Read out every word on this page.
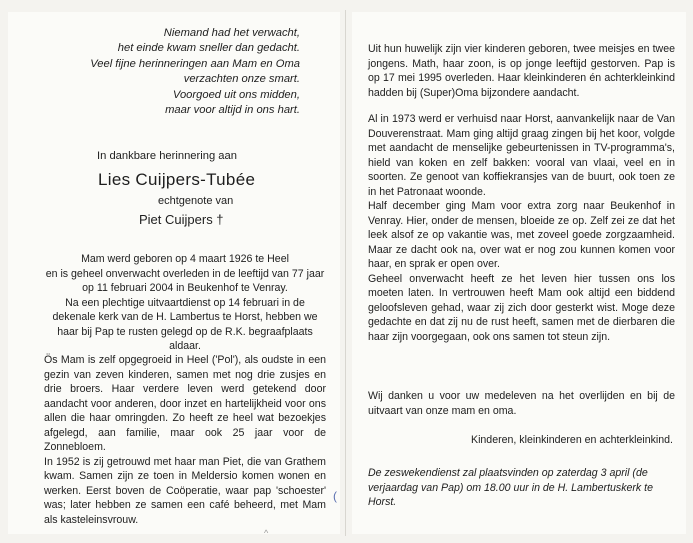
Niemand had het verwacht,
het einde kwam sneller dan gedacht.
Veel fijne herinneringen aan Mam en Oma
verzachten onze smart.
Voorgoed uit ons midden,
maar voor altijd in ons hart.
In dankbare herinnering aan
Lies Cuijpers-Tubée
echtgenote van
Piet Cuijpers †
Mam werd geboren op 4 maart 1926 te Heel
en is geheel onverwacht overleden in de leeftijd van 77 jaar
op 11 februari 2004 in Beukenhof te Venray.
Na een plechtige uitvaartdienst op 14 februari in de
dekenale kerk van de H. Lambertus te Horst, hebben we
haar bij Pap te rusten gelegd op de R.K. begraafplaats aldaar.
Ös Mam is zelf opgegroeid in Heel ('Pol'), als oudste in een gezin van zeven kinderen, samen met nog drie zusjes en drie broers. Haar verdere leven werd getekend door aandacht voor anderen, door inzet en hartelijkheid voor ons allen die haar omringden. Zo heeft ze heel wat bezoekjes afgelegd, aan familie, maar ook 25 jaar voor de Zonnebloem.
In 1952 is zij getrouwd met haar man Piet, die van Grathem kwam. Samen zijn ze toen in Meldersio komen wonen en werken. Eerst boven de Coöperatie, waar pap 'schoester' was; later hebben ze samen een café beheerd, met Mam als kasteleinsvrouw.
Uit hun huwelijk zijn vier kinderen geboren, twee meisjes en twee jongens. Math, haar zoon, is op jonge leeftijd gestorven. Pap is op 17 mei 1995 overleden. Haar kleinkinderen én achterkleinkind hadden bij (Super)Oma bijzondere aandacht.
Al in 1973 werd er verhuisd naar Horst, aanvankelijk naar de Van Douverenstraat. Mam ging altijd graag zingen bij het koor, volgde met aandacht de menselijke gebeurtenissen in TV-programma's, hield van koken en zelf bakken: vooral van vlaai, veel en in soorten. Ze genoot van koffiekransjes van de buurt, ook toen ze in het Patronaat woonde.
Half december ging Mam voor extra zorg naar Beukenhof in Venray. Hier, onder de mensen, bloeide ze op. Zelf zei ze dat het leek alsof ze op vakantie was, met zoveel goede zorgzaamheid. Maar ze dacht ook na, over wat er nog zou kunnen komen voor haar, en sprak er open over.
Geheel onverwacht heeft ze het leven hier tussen ons los moeten laten. In vertrouwen heeft Mam ook altijd een biddend geloofsleven gehad, waar zij zich door gesterkt wist. Moge deze gedachte en dat zij nu de rust heeft, samen met de dierbaren die haar zijn voorgegaan, ook ons samen tot steun zijn.
Wij danken u voor uw medeleven na het overlijden en bij de uitvaart van onze mam en oma.
Kinderen, kleinkinderen en achterkleinkind.
De zeswekendienst zal plaatsvinden op zaterdag 3 april (de verjaardag van Pap) om 18.00 uur in de H. Lambertuskerk te Horst.
(
^
